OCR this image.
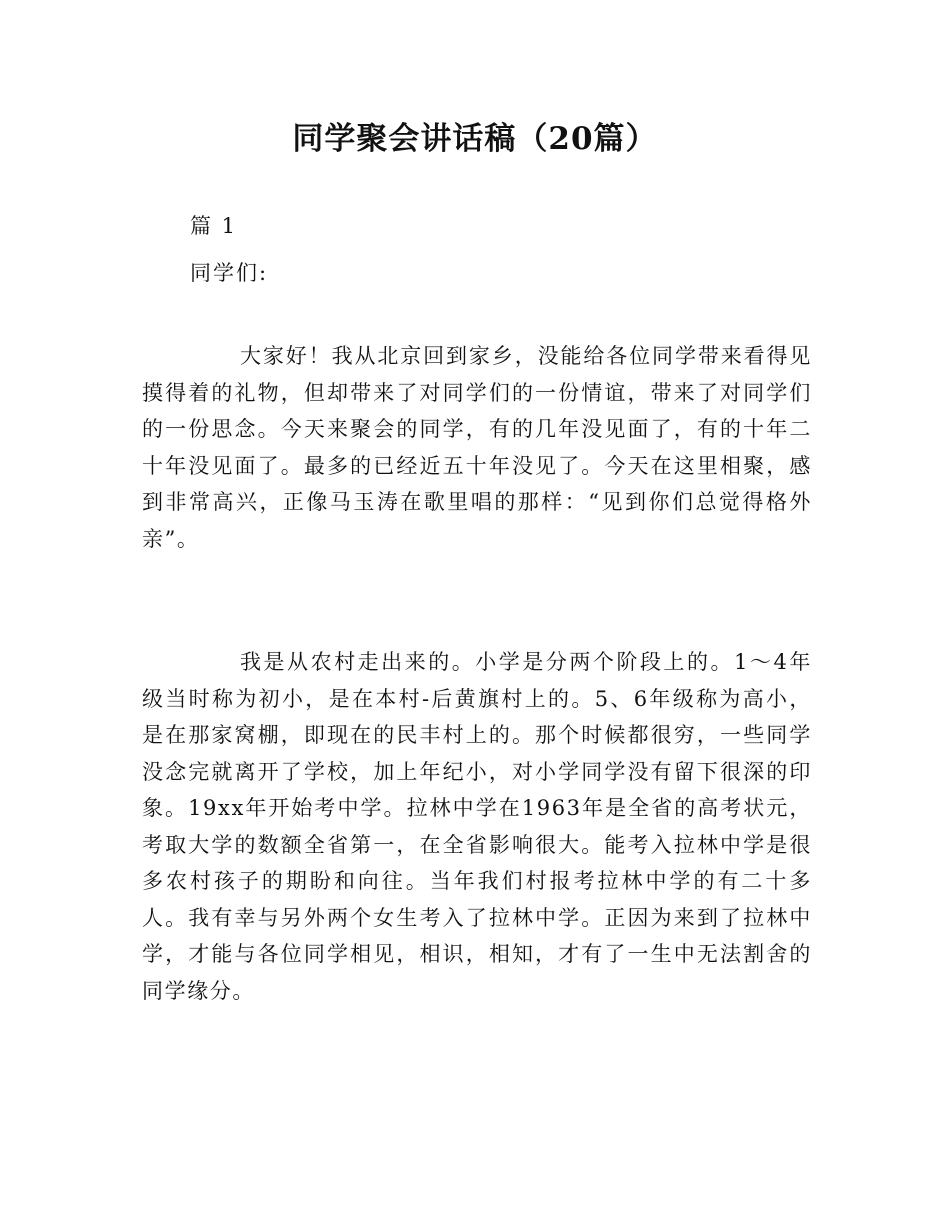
同学聚会讲话稿（20篇）
篇 1
同学们:

大家好！我从北京回到家乡，没能给各位同学带来看得见摸得着的礼物，但却带来了对同学们的一份情谊，带来了对同学们的一份思念。今天来聚会的同学，有的几年没见面了，有的十年二十年没见面了。最多的已经近五十年没见了。今天在这里相聚，感到非常高兴，正像马玉涛在歌里唱的那样：“见到你们总觉得格外亲”。

我是从农村走出来的。小学是分两个阶段上的。1～4年级当时称为初小，是在本村-后黄旗村上的。5、6年级称为高小，是在那家窝棚，即现在的民丰村上的。那个时候都很穷，一些同学没念完就离开了学校，加上年纪小，对小学同学没有留下很深的印象。19xx年开始考中学。拉林中学在1963年是全省的高考状元，考取大学的数额全省第一，在全省影响很大。能考入拉林中学是很多农村孩子的期盼和向往。当年我们村报考拉林中学的有二十多人。我有幸与另外两个女生考入了拉林中学。正因为来到了拉林中学，才能与各位同学相见，相识，相知，才有了一生中无法割舍的同学缘分。
